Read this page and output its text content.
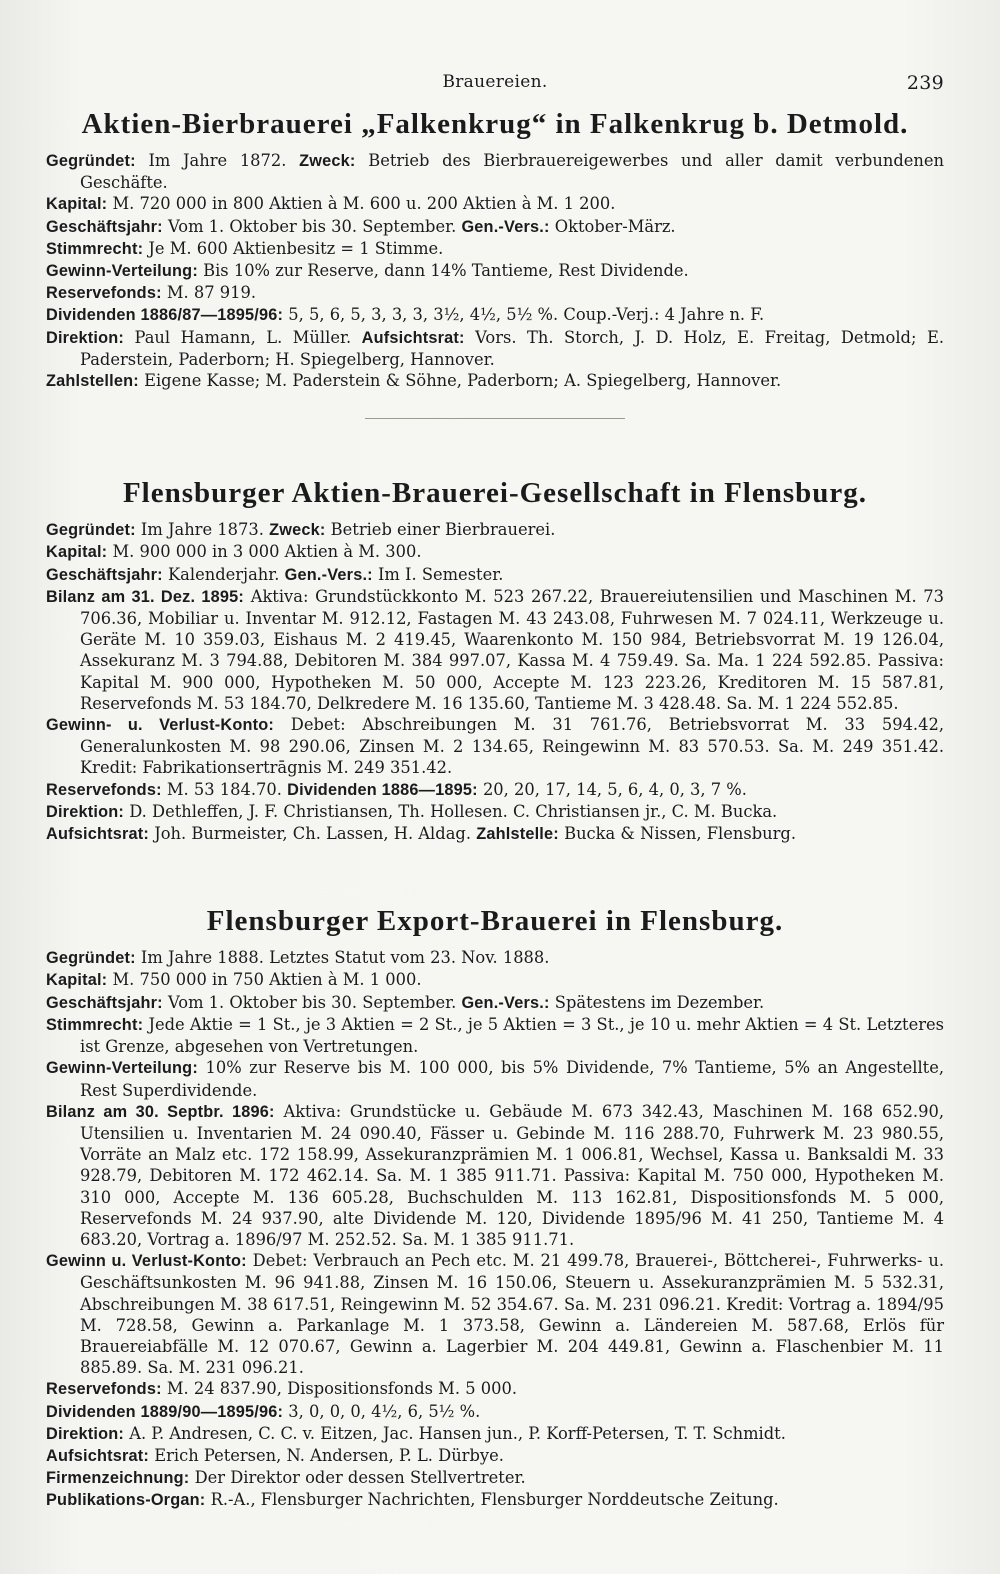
Brauereien.	239
Aktien-Bierbrauerei „Falkenkrug“ in Falkenkrug b. Detmold.

Gegründet: Im Jahre 1872. Zweck: Betrieb des Bierbrauereigewerbes und aller damit verbundenen Geschäfte.

Kapital: M. 720 000 in 800 Aktien à M. 600 u. 200 Aktien à M. 1 200.

Geschäftsjahr: Vom 1. Oktober bis 30. September. Gen.-Vers.: Oktober-März.

Stimmrecht: Je M. 600 Aktienbesitz = 1 Stimme.

Gewinn-Verteilung: Bis 10% zur Reserve, dann 14% Tantieme, Rest Dividende.

Reservefonds: M. 87 919.

Dividenden 1886/87—1895/96: 5, 5, 6, 5, 3, 3, 3, 3½, 4½, 5½ %. Coup.-Verj.: 4 Jahre n. F.

Direktion: Paul Hamann, L. Müller. Aufsichtsrat: Vors. Th. Storch, J. D. Holz, E. Freitag, Detmold; E. Paderstein, Paderborn; H. Spiegelberg, Hannover.

Zahlstellen: Eigene Kasse; M. Paderstein & Söhne, Paderborn; A. Spiegelberg, Hannover.

Flensburger Aktien-Brauerei-Gesellschaft in Flensburg.

Gegründet: Im Jahre 1873. Zweck: Betrieb einer Bierbrauerei.

Kapital: M. 900 000 in 3 000 Aktien à M. 300.

Geschäftsjahr: Kalenderjahr. Gen.-Vers.: Im I. Semester.

Bilanz am 31. Dez. 1895: Aktiva: Grundstückkonto M. 523 267.22, Brauereiutensilien und Maschinen M. 73 706.36, Mobiliar u. Inventar M. 912.12, Fastagen M. 43 243.08, Fuhrwesen M. 7 024.11, Werkzeuge u. Geräte M. 10 359.03, Eishaus M. 2 419.45, Waarenkonto M. 150 984, Betriebsvorrat M. 19 126.04, Assekuranz M. 3 794.88, Debitoren M. 384 997.07, Kassa M. 4 759.49. Sa. Ma. 1 224 592.85. Passiva: Kapital M. 900 000, Hypotheken M. 50 000, Accepte M. 123 223.26, Kreditoren M. 15 587.81, Reservefonds M. 53 184.70, Delkredere M. 16 135.60, Tantieme M. 3 428.48. Sa. M. 1 224 552.85.

Gewinn- u. Verlust-Konto: Debet: Abschreibungen M. 31 761.76, Betriebsvorrat M. 33 594.42, Generalunkosten M. 98 290.06, Zinsen M. 2 134.65, Reingewinn M. 83 570.53. Sa. M. 249 351.42. Kredit: Fabrikationsertrāgnis M. 249 351.42.

Reservefonds: M. 53 184.70. Dividenden 1886—1895: 20, 20, 17, 14, 5, 6, 4, 0, 3, 7 %.

Direktion: D. Dethleffen, J. F. Christiansen, Th. Hollesen. C. Christiansen jr., C. M. Bucka.

Aufsichtsrat: Joh. Burmeister, Ch. Lassen, H. Aldag. Zahlstelle: Bucka & Nissen, Flensburg.

Flensburger Export-Brauerei in Flensburg.

Gegründet: Im Jahre 1888. Letztes Statut vom 23. Nov. 1888.

Kapital: M. 750 000 in 750 Aktien à M. 1 000.

Geschäftsjahr: Vom 1. Oktober bis 30. September. Gen.-Vers.: Spätestens im Dezember.

Stimmrecht: Jede Aktie = 1 St., je 3 Aktien = 2 St., je 5 Aktien = 3 St., je 10 u. mehr Aktien = 4 St. Letzteres ist Grenze, abgesehen von Vertretungen.

Gewinn-Verteilung: 10% zur Reserve bis M. 100 000, bis 5% Dividende, 7% Tantieme, 5% an Angestellte, Rest Superdividende.

Bilanz am 30. Septbr. 1896: Aktiva: Grundstücke u. Gebäude M. 673 342.43, Maschinen M. 168 652.90, Utensilien u. Inventarien M. 24 090.40, Fässer u. Gebinde M. 116 288.70, Fuhrwerk M. 23 980.55, Vorräte an Malz etc. 172 158.99, Assekuranzprämien M. 1 006.81, Wechsel, Kassa u. Banksaldi M. 33 928.79, Debitoren M. 172 462.14. Sa. M. 1 385 911.71. Passiva: Kapital M. 750 000, Hypotheken M. 310 000, Accepte M. 136 605.28, Buchschulden M. 113 162.81, Dispositionsfonds M. 5 000, Reservefonds M. 24 937.90, alte Dividende M. 120, Dividende 1895/96 M. 41 250, Tantieme M. 4 683.20, Vortrag a. 1896/97 M. 252.52. Sa. M. 1 385 911.71.

Gewinn u. Verlust-Konto: Debet: Verbrauch an Pech etc. M. 21 499.78, Brauerei-, Böttcherei-, Fuhrwerks- u. Geschäftsunkosten M. 96 941.88, Zinsen M. 16 150.06, Steuern u. Assekuranzprämien M. 5 532.31, Abschreibungen M. 38 617.51, Reingewinn M. 52 354.67. Sa. M. 231 096.21. Kredit: Vortrag a. 1894/95 M. 728.58, Gewinn a. Parkanlage M. 1 373.58, Gewinn a. Ländereien M. 587.68, Erlös für Brauereiabfälle M. 12 070.67, Gewinn a. Lagerbier M. 204 449.81, Gewinn a. Flaschenbier M. 11 885.89. Sa. M. 231 096.21.

Reservefonds: M. 24 837.90, Dispositionsfonds M. 5 000.

Dividenden 1889/90—1895/96: 3, 0, 0, 0, 4½, 6, 5½ %.

Direktion: A. P. Andresen, C. C. v. Eitzen, Jac. Hansen jun., P. Korff-Petersen, T. T. Schmidt.

Aufsichtsrat: Erich Petersen, N. Andersen, P. L. Dürbye.

Firmenzeichnung: Der Direktor oder dessen Stellvertreter.

Publikations-Organ: R.-A., Flensburger Nachrichten, Flensburger Norddeutsche Zeitung.
